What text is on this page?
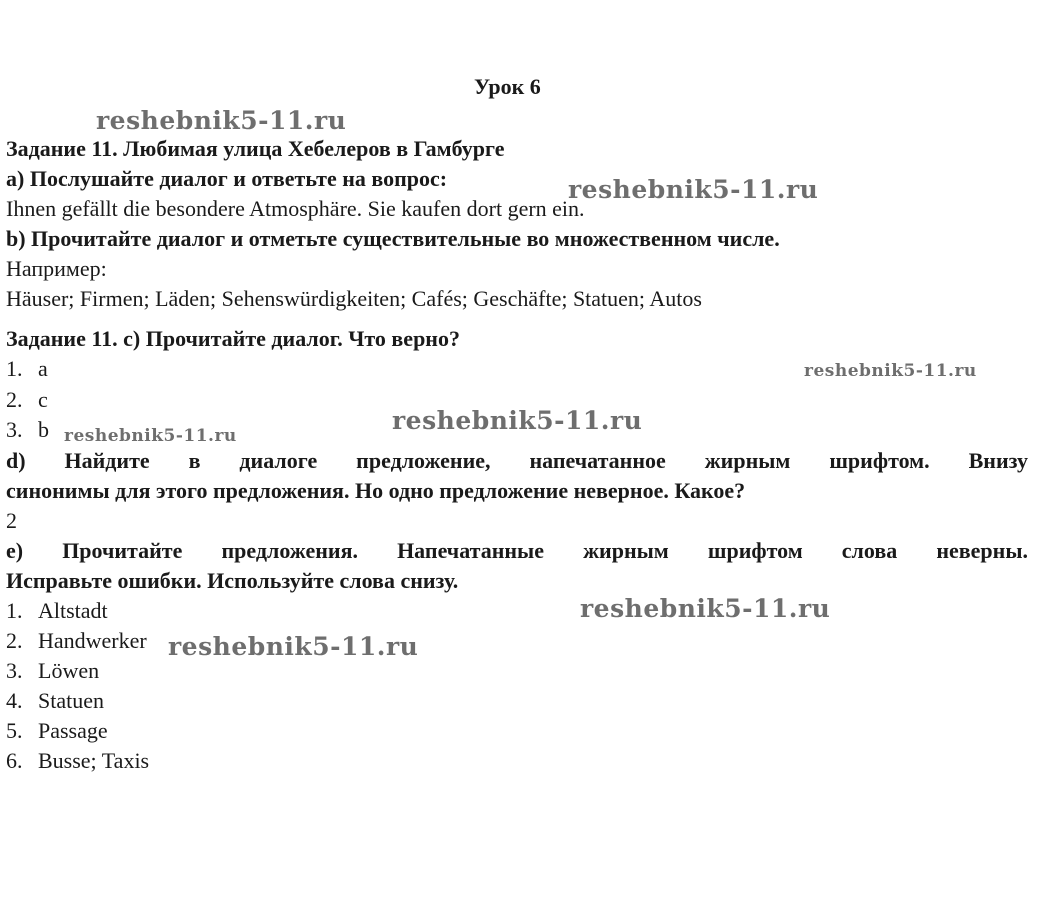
Урок 6
Задание 11. Любимая улица Хебелеров в Гамбурге
a) Послушайте диалог и ответьте на вопрос:
Ihnen gefällt die besondere Atmosphäre. Sie kaufen dort gern ein.
b) Прочитайте диалог и отметьте существительные во множественном числе.
Например:
Häuser; Firmen; Läden; Sehenswürdigkeiten; Cafés; Geschäfte; Statuen; Autos
Задание 11. c) Прочитайте диалог. Что верно?
1. a
2. c
3. b
d) Найдите в диалоге предложение, напечатанное жирным шрифтом. Внизу
синонимы для этого предложения. Но одно предложение неверное. Какое?
2
e) Прочитайте предложения. Напечатанные жирным шрифтом слова неверны.
Исправьте ошибки. Используйте слова снизу.
1. Altstadt
2. Handwerker
3. Löwen
4. Statuen
5. Passage
6. Busse; Taxis
reshebnik5-11.ru
reshebnik5-11.ru
reshebnik5-11.ru
reshebnik5-11.ru
reshebnik5-11.ru
reshebnik5-11.ru
reshebnik5-11.ru
